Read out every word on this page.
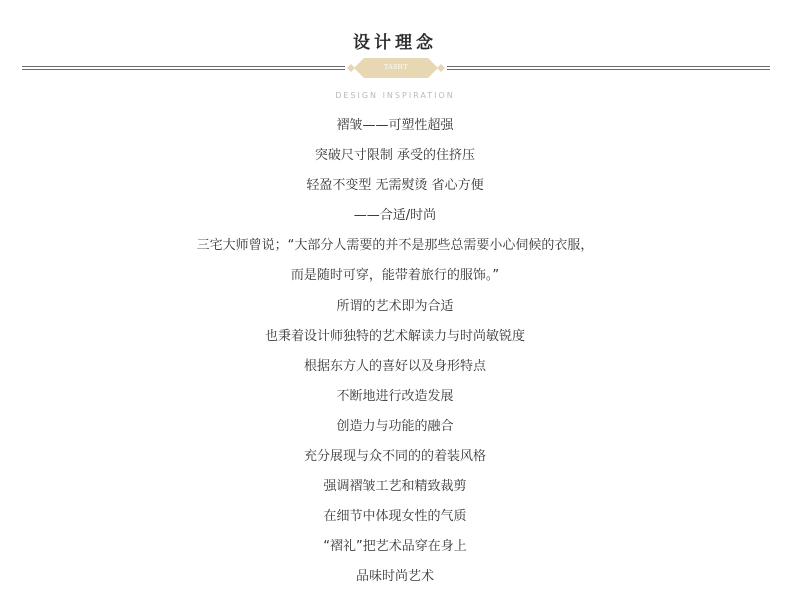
设计理念
TASHT
DESIGN INSPIRATION
褶皱——可塑性超强
突破尺寸限制 承受的住挤压
轻盈不变型 无需熨烫 省心方便
——合适/时尚
三宅大师曾说；“大部分人需要的并不是那些总需要小心伺候的衣服，
而是随时可穿，能带着旅行的服饰。”
所谓的艺术即为合适
也秉着设计师独特的艺术解读力与时尚敏锐度
根据东方人的喜好以及身形特点
不断地进行改造发展
创造力与功能的融合
充分展现与众不同的的着装风格
强调褶皱工艺和精致裁剪
在细节中体现女性的气质
“褶礼”把艺术品穿在身上
品味时尚艺术
